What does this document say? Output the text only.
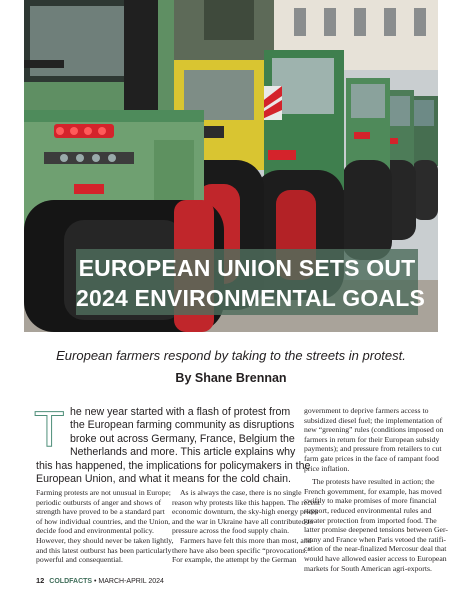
EUROPEAN UNION SETS OUT
2024 ENVIRONMENTAL GOALS
European farmers respond by taking to the streets in protest.
By Shane Brennan
T he new year started with a flash of protest from
the European farming community as disruptions
broke out across Germany, France, Belgium the
Netherlands and more. This article explains why
this has happened, the implications for policymakers in the
European Union, and what it means for the cold chain.
Farming protests are not unusual in Europe;
periodic outbursts of anger and shows of
strength have proved to be a standard part
of how individual countries, and the Union,
decide food and environmental policy.
However, they should never be taken lightly,
and this latest outburst has been particularly
powerful and consequential.
As is always the case, there is no single
reason why protests like this happen. The recent
economic downturn, the sky-high energy prices
and the war in Ukraine have all contributed to
pressure across the food supply chain.
Farmers have felt this more than most, and
there have also been specific “provocations.”
For example, the attempt by the German
government to deprive farmers access to
subsidized diesel fuel; the implementation of
new “greening” rules (conditions imposed on
farmers in return for their European subsidy
payments); and pressure from retailers to cut
farm gate prices in the face of rampant food
price inflation.
The protests have resulted in action; the
French government, for example, has moved
swiftly to make promises of more financial
support, reduced environmental rules and
greater protection from imported food. The
latter promise deepened tensions between Ger-
many and France when Paris vetoed the ratifi-
cation of the near-finalized Mercosur deal that
would have allowed easier access to European
markets for South American agri-exports.
12 COLDFACTS • MARCH-APRIL 2024
